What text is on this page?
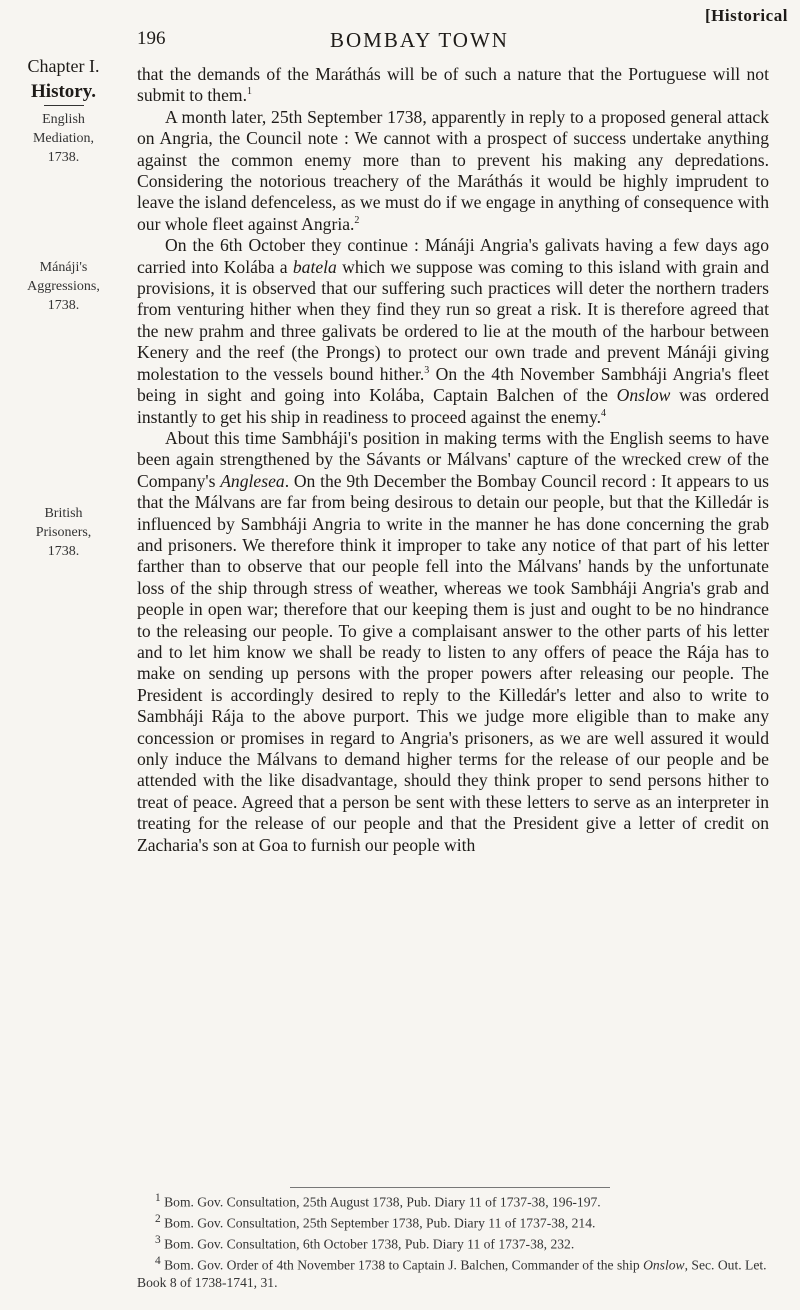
[Historical
196	BOMBAY TOWN
Chapter I.
History.
English
Mediation,
1738.
Mánáji's
Aggressions,
1738.
British
Prisoners,
1738.

that the demands of the Maráthás will be of such a nature that the Portuguese will not submit to them.$^1$

A month later, 25th September 1738, apparently in reply to a proposed general attack on Angria, the Council note : We cannot with a prospect of success undertake anything against the common enemy more than to prevent his making any depredations. Considering the notorious treachery of the Maráthás it would be highly imprudent to leave the island defenceless, as we must do if we engage in anything of consequence with our whole fleet against Angria.$^2$

On the 6th October they continue : Mánáji Angria's galivats having a few days ago carried into Kolába a batela which we suppose was coming to this island with grain and provisions, it is observed that our suffering such practices will deter the northern traders from venturing hither when they find they run so great a risk. It is therefore agreed that the new prahm and three galivats be ordered to lie at the mouth of the harbour between Kenery and the reef (the Prongs) to protect our own trade and prevent Mánáji giving molestation to the vessels bound hither.$^3$ On the 4th November Sambháji Angria's fleet being in sight and going into Kolába, Captain Balchen of the Onslow was ordered instantly to get his ship in readiness to proceed against the enemy.$^4$

About this time Sambháji's position in making terms with the English seems to have been again strengthened by the Sávants or Málvans' capture of the wrecked crew of the Company's Anglesea. On the 9th December the Bombay Council record : It appears to us that the Málvans are far from being desirous to detain our people, but that the Killedár is influenced by Sambháji Angria to write in the manner he has done concerning the grab and prisoners. We therefore think it improper to take any notice of that part of his letter farther than to observe that our people fell into the Málvans' hands by the unfortunate loss of the ship through stress of weather, whereas we took Sambháji Angria's grab and people in open war; therefore that our keeping them is just and ought to be no hindrance to the releasing our people. To give a complaisant answer to the other parts of his letter and to let him know we shall be ready to listen to any offers of peace the Rája has to make on sending up persons with the proper powers after releasing our people. The President is accordingly desired to reply to the Killedár's letter and also to write to Sambháji Rája to the above purport. This we judge more eligible than to make any concession or promises in regard to Angria's prisoners, as we are well assured it would only induce the Málvans to demand higher terms for the release of our people and be attended with the like disadvantage, should they think proper to send persons hither to treat of peace. Agreed that a person be sent with these letters to serve as an interpreter in treating for the release of our people and that the President give a letter of credit on Zacharia's son at Goa to furnish our people with

$^1$ Bom. Gov. Consultation, 25th August 1738, Pub. Diary 11 of 1737-38, 196-197.
$^2$ Bom. Gov. Consultation, 25th September 1738, Pub. Diary 11 of 1737-38, 214.
$^3$ Bom. Gov. Consultation, 6th October 1738, Pub. Diary 11 of 1737-38, 232.
$^4$ Bom. Gov. Order of 4th November 1738 to Captain J. Balchen, Commander of the ship Onslow, Sec. Out. Let. Book 8 of 1738-1741, 31.
